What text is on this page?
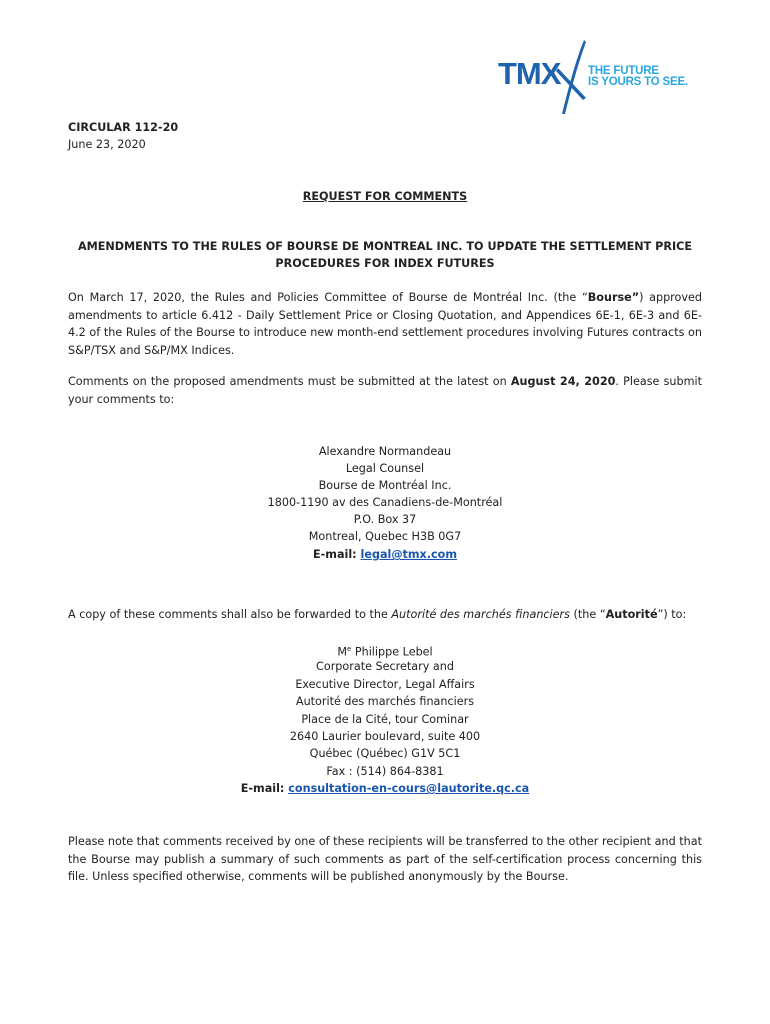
TMX THE FUTURE
IS YOURS TO SEE.
CIRCULAR 112-20
June 23, 2020
REQUEST FOR COMMENTS
AMENDMENTS TO THE RULES OF BOURSE DE MONTREAL INC. TO UPDATE THE SETTLEMENT PRICE
PROCEDURES FOR INDEX FUTURES
On March 17, 2020, the Rules and Policies Committee of Bourse de Montréal Inc. (the “Bourse”) approved amendments to article 6.412 - Daily Settlement Price or Closing Quotation, and Appendices 6E-1, 6E-3 and 6E-4.2 of the Rules of the Bourse to introduce new month-end settlement procedures involving Futures contracts on S&P/TSX and S&P/MX Indices.
Comments on the proposed amendments must be submitted at the latest on August 24, 2020. Please submit your comments to:
Alexandre Normandeau
Legal Counsel
Bourse de Montréal Inc.
1800-1190 av des Canadiens-de-Montréal
P.O. Box 37
Montreal, Quebec H3B 0G7
E-mail: legal@tmx.com
A copy of these comments shall also be forwarded to the Autorité des marchés financiers (the “Autorité”) to:
Me Philippe Lebel
Corporate Secretary and
Executive Director, Legal Affairs
Autorité des marchés financiers
Place de la Cité, tour Cominar
2640 Laurier boulevard, suite 400
Québec (Québec) G1V 5C1
Fax : (514) 864-8381
E-mail: consultation-en-cours@lautorite.qc.ca
Please note that comments received by one of these recipients will be transferred to the other recipient and that the Bourse may publish a summary of such comments as part of the self-certification process concerning this file. Unless specified otherwise, comments will be published anonymously by the Bourse.
